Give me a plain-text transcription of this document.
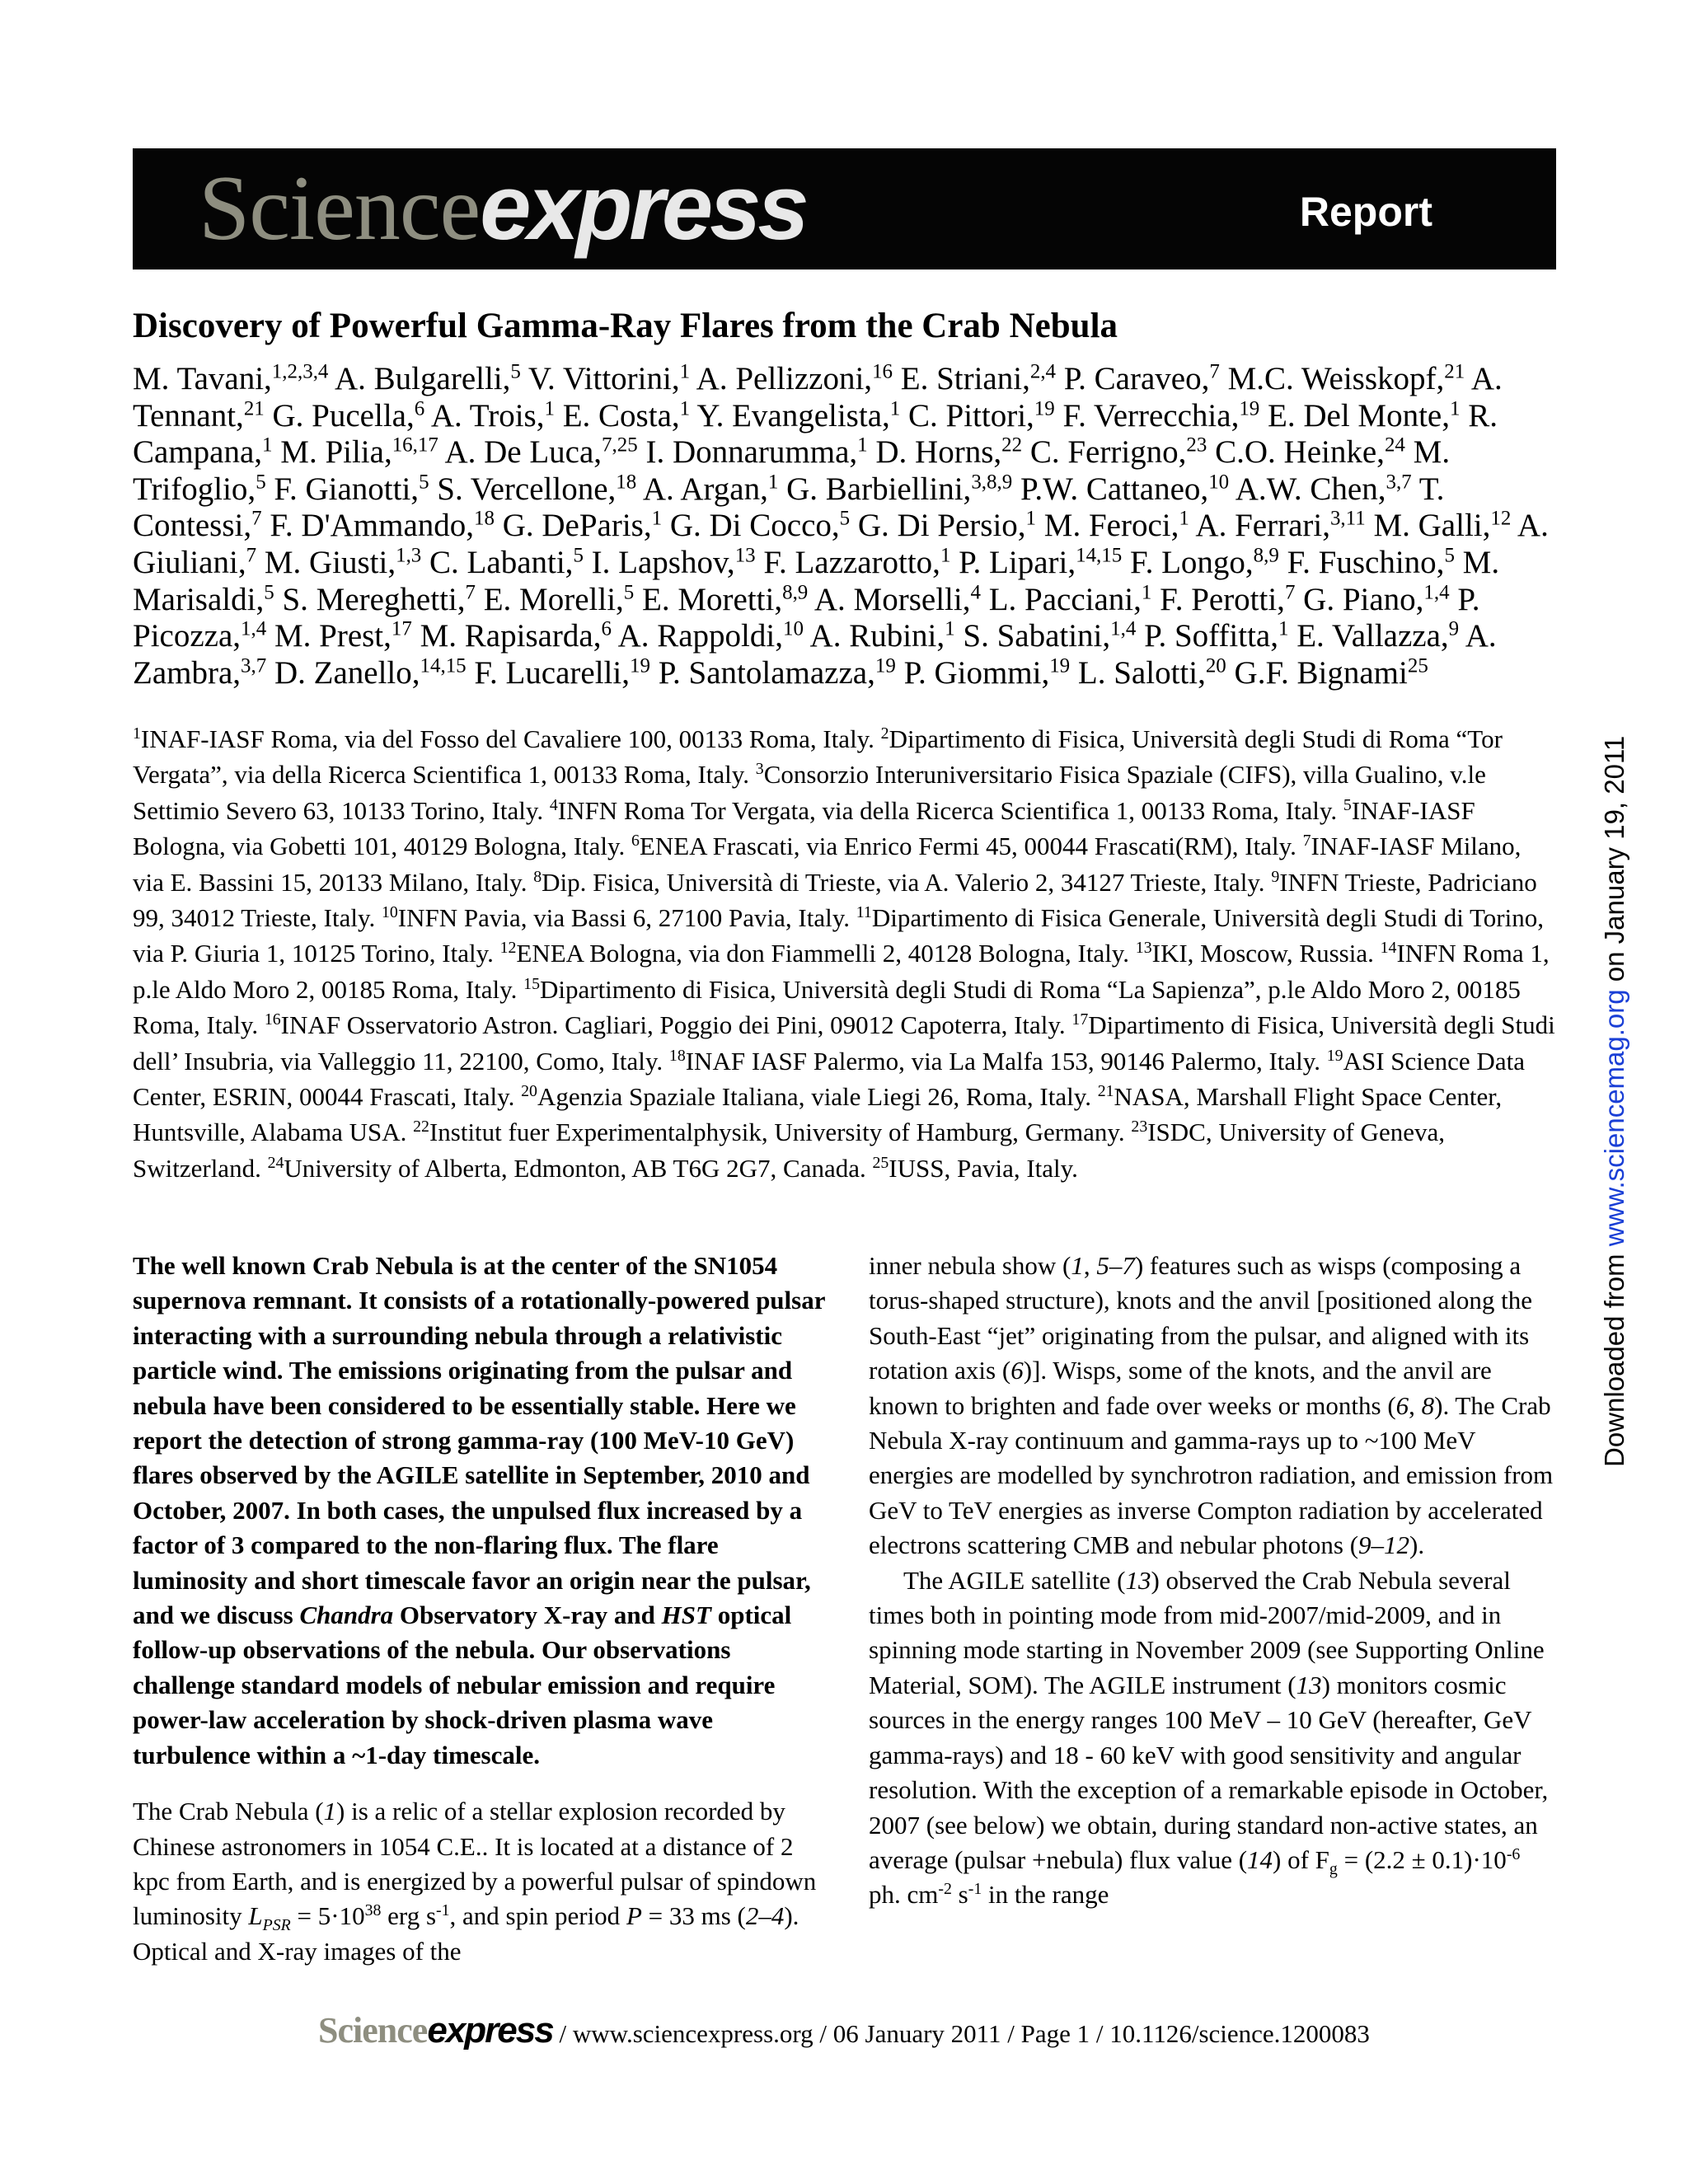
Scienceexpress	Report
Discovery of Powerful Gamma-Ray Flares from the Crab Nebula
M. Tavani,$^{1,2,3,4}$ A. Bulgarelli,$^5$ V. Vittorini,$^1$ A. Pellizzoni,$^{16}$ E. Striani,$^{2,4}$ P. Caraveo,$^7$ M.C. Weisskopf,$^{21}$ A. Tennant,$^{21}$ G. Pucella,$^6$ A. Trois,$^1$ E. Costa,$^1$ Y. Evangelista,$^1$ C. Pittori,$^{19}$ F. Verrecchia,$^{19}$ E. Del Monte,$^1$ R. Campana,$^1$ M. Pilia,$^{16,17}$ A. De Luca,$^{7,25}$ I. Donnarumma,$^1$ D. Horns,$^{22}$ C. Ferrigno,$^{23}$ C.O. Heinke,$^{24}$ M. Trifoglio,$^5$ F. Gianotti,$^5$ S. Vercellone,$^{18}$ A. Argan,$^1$ G. Barbiellini,$^{3,8,9}$ P.W. Cattaneo,$^{10}$ A.W. Chen,$^{3,7}$ T. Contessi,$^7$ F. D'Ammando,$^{18}$ G. DeParis,$^1$ G. Di Cocco,$^5$ G. Di Persio,$^1$ M. Feroci,$^1$ A. Ferrari,$^{3,11}$ M. Galli,$^{12}$ A. Giuliani,$^7$ M. Giusti,$^{1,3}$ C. Labanti,$^5$ I. Lapshov,$^{13}$ F. Lazzarotto,$^1$ P. Lipari,$^{14,15}$ F. Longo,$^{8,9}$ F. Fuschino,$^5$ M. Marisaldi,$^5$ S. Mereghetti,$^7$ E. Morelli,$^5$ E. Moretti,$^{8,9}$ A. Morselli,$^4$ L. Pacciani,$^1$ F. Perotti,$^7$ G. Piano,$^{1,4}$ P. Picozza,$^{1,4}$ M. Prest,$^{17}$ M. Rapisarda,$^6$ A. Rappoldi,$^{10}$ A. Rubini,$^1$ S. Sabatini,$^{1,4}$ P. Soffitta,$^1$ E. Vallazza,$^9$ A. Zambra,$^{3,7}$ D. Zanello,$^{14,15}$ F. Lucarelli,$^{19}$ P. Santolamazza,$^{19}$ P. Giommi,$^{19}$ L. Salotti,$^{20}$ G.F. Bignami$^{25}$
$^1$INAF-IASF Roma, via del Fosso del Cavaliere 100, 00133 Roma, Italy. $^2$Dipartimento di Fisica, Università degli Studi di Roma “Tor Vergata”, via della Ricerca Scientifica 1, 00133 Roma, Italy. $^3$Consorzio Interuniversitario Fisica Spaziale (CIFS), villa Gualino, v.le Settimio Severo 63, 10133 Torino, Italy. $^4$INFN Roma Tor Vergata, via della Ricerca Scientifica 1, 00133 Roma, Italy. $^5$INAF-IASF Bologna, via Gobetti 101, 40129 Bologna, Italy. $^6$ENEA Frascati, via Enrico Fermi 45, 00044 Frascati(RM), Italy. $^7$INAF-IASF Milano, via E. Bassini 15, 20133 Milano, Italy. $^8$Dip. Fisica, Università di Trieste, via A. Valerio 2, 34127 Trieste, Italy. $^9$INFN Trieste, Padriciano 99, 34012 Trieste, Italy. $^{10}$INFN Pavia, via Bassi 6, 27100 Pavia, Italy. $^{11}$Dipartimento di Fisica Generale, Università degli Studi di Torino, via P. Giuria 1, 10125 Torino, Italy. $^{12}$ENEA Bologna, via don Fiammelli 2, 40128 Bologna, Italy. $^{13}$IKI, Moscow, Russia. $^{14}$INFN Roma 1, p.le Aldo Moro 2, 00185 Roma, Italy. $^{15}$Dipartimento di Fisica, Università degli Studi di Roma “La Sapienza”, p.le Aldo Moro 2, 00185 Roma, Italy. $^{16}$INAF Osservatorio Astron. Cagliari, Poggio dei Pini, 09012 Capoterra, Italy. $^{17}$Dipartimento di Fisica, Università degli Studi dell’ Insubria, via Valleggio 11, 22100, Como, Italy. $^{18}$INAF IASF Palermo, via La Malfa 153, 90146 Palermo, Italy. $^{19}$ASI Science Data Center, ESRIN, 00044 Frascati, Italy. $^{20}$Agenzia Spaziale Italiana, viale Liegi 26, Roma, Italy. $^{21}$NASA, Marshall Flight Space Center, Huntsville, Alabama USA. $^{22}$Institut fuer Experimentalphysik, University of Hamburg, Germany. $^{23}$ISDC, University of Geneva, Switzerland. $^{24}$University of Alberta, Edmonton, AB T6G 2G7, Canada. $^{25}$IUSS, Pavia, Italy.

The well known Crab Nebula is at the center of the SN1054 supernova remnant. It consists of a rotationally-powered pulsar interacting with a surrounding nebula through a relativistic particle wind. The emissions originating from the pulsar and nebula have been considered to be essentially stable. Here we report the detection of strong gamma-ray (100 MeV-10 GeV) flares observed by the AGILE satellite in September, 2010 and October, 2007. In both cases, the unpulsed flux increased by a factor of 3 compared to the non-flaring flux. The flare luminosity and short timescale favor an origin near the pulsar, and we discuss Chandra Observatory X-ray and HST optical follow-up observations of the nebula. Our observations challenge standard models of nebular emission and require power-law acceleration by shock-driven plasma wave turbulence within a ~1-day timescale.

The Crab Nebula (1) is a relic of a stellar explosion recorded by Chinese astronomers in 1054 C.E.. It is located at a distance of 2 kpc from Earth, and is energized by a powerful pulsar of spindown luminosity $L_{PSR} = 5\cdot 10^{38}$ erg $s^{-1}$, and spin period P = 33 ms (2–4). Optical and X-ray images of the

inner nebula show (1, 5–7) features such as wisps (composing a torus-shaped structure), knots and the anvil [positioned along the South-East “jet” originating from the pulsar, and aligned with its rotation axis (6)]. Wisps, some of the knots, and the anvil are known to brighten and fade over weeks or months (6, 8). The Crab Nebula X-ray continuum and gamma-rays up to ~100 MeV energies are modelled by synchrotron radiation, and emission from GeV to TeV energies as inverse Compton radiation by accelerated electrons scattering CMB and nebular photons (9–12).

The AGILE satellite (13) observed the Crab Nebula several times both in pointing mode from mid-2007/mid-2009, and in spinning mode starting in November 2009 (see Supporting Online Material, SOM). The AGILE instrument (13) monitors cosmic sources in the energy ranges 100 MeV – 10 GeV (hereafter, GeV gamma-rays) and 18 - 60 keV with good sensitivity and angular resolution. With the exception of a remarkable episode in October, 2007 (see below) we obtain, during standard non-active states, an average (pulsar +nebula) flux value (14) of $F_g = (2.2 \pm 0.1)\cdot 10^{-6}$ ph. $cm^{-2}$ $s^{-1}$ in the range

Downloaded from www.sciencemag.org on January 19, 2011
Scienceexpress / www.sciencexpress.org / 06 January 2011 / Page 1 / 10.1126/science.1200083
